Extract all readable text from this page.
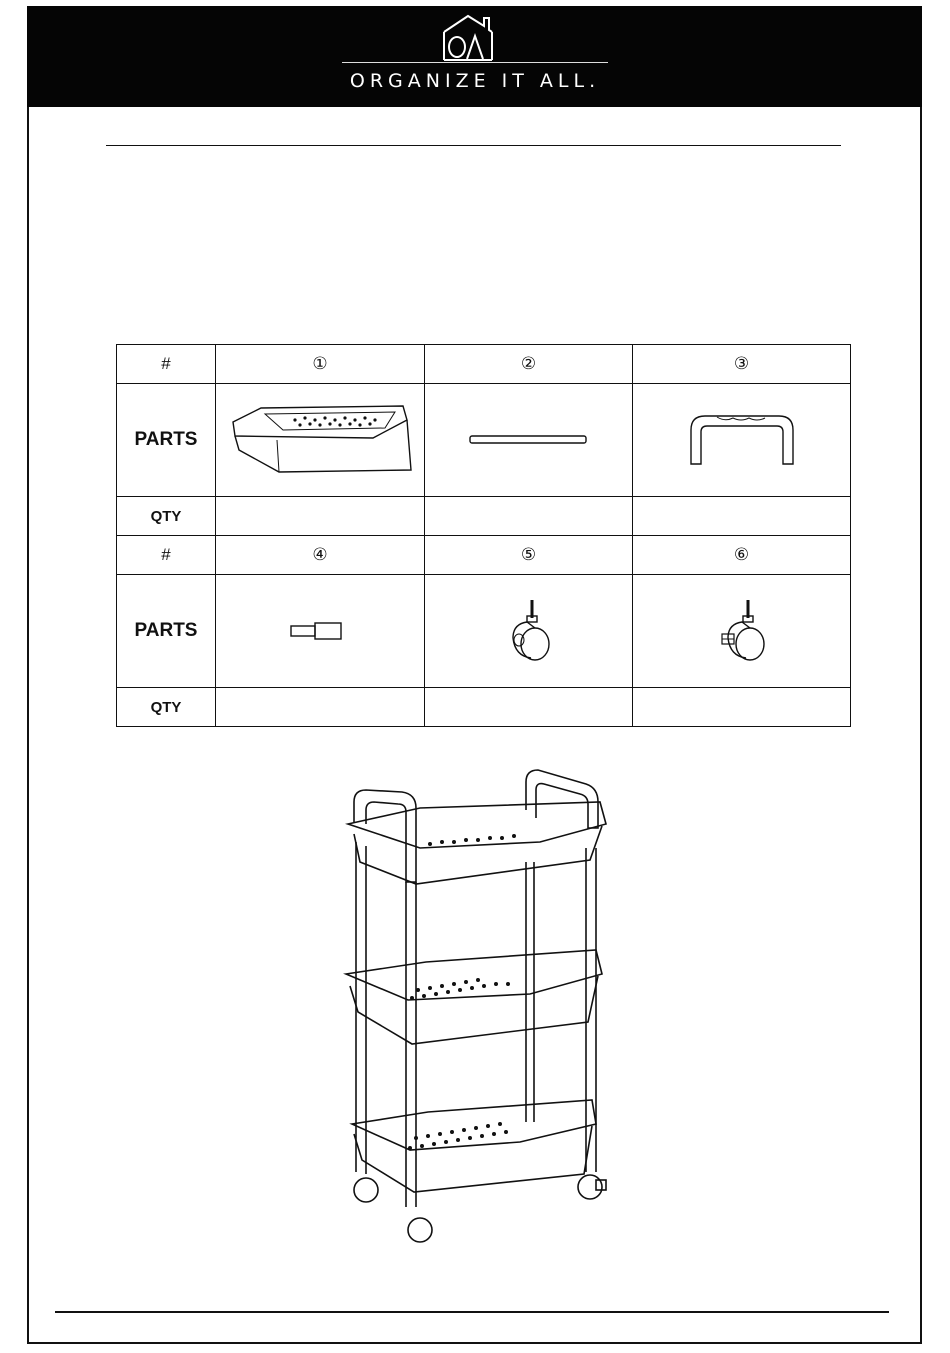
ORGANIZE IT ALL.
#	①	②	③
PARTS	

QTY			
#	④	⑤	⑥
PARTS	

QTY			
